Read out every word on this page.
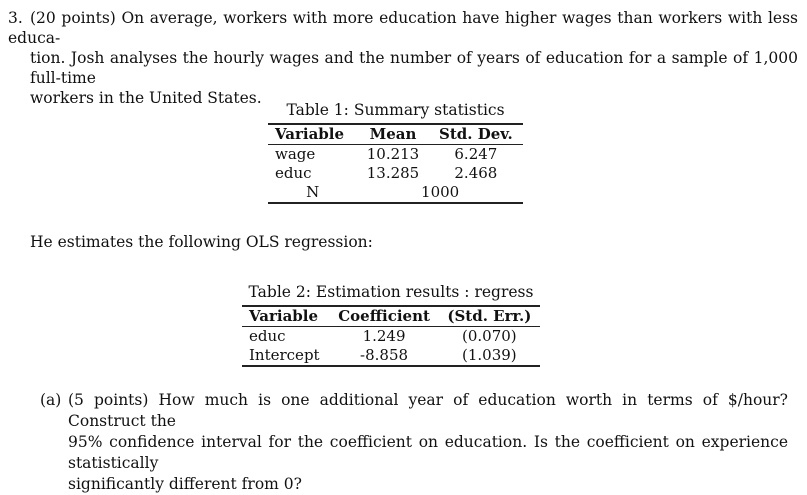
3. (20 points) On average, workers with more education have higher wages than workers with less educa-
tion. Josh analyses the hourly wages and the number of years of education for a sample of 1,000 full-time
workers in the United States.
Table 1: Summary statistics
Variable	Mean	Std. Dev.
wage	10.213	6.247
educ	13.285	2.468
N	1000	
He estimates the following OLS regression:
Table 2: Estimation results : regress
Variable	Coefficient	(Std. Err.)
educ	1.249	(0.070)
Intercept	-8.858	(1.039)
(a) (5 points) How much is one additional year of education worth in terms of $/hour? Construct the
95% confidence interval for the coefficient on education. Is the coefficient on experience statistically
significantly different from 0?
